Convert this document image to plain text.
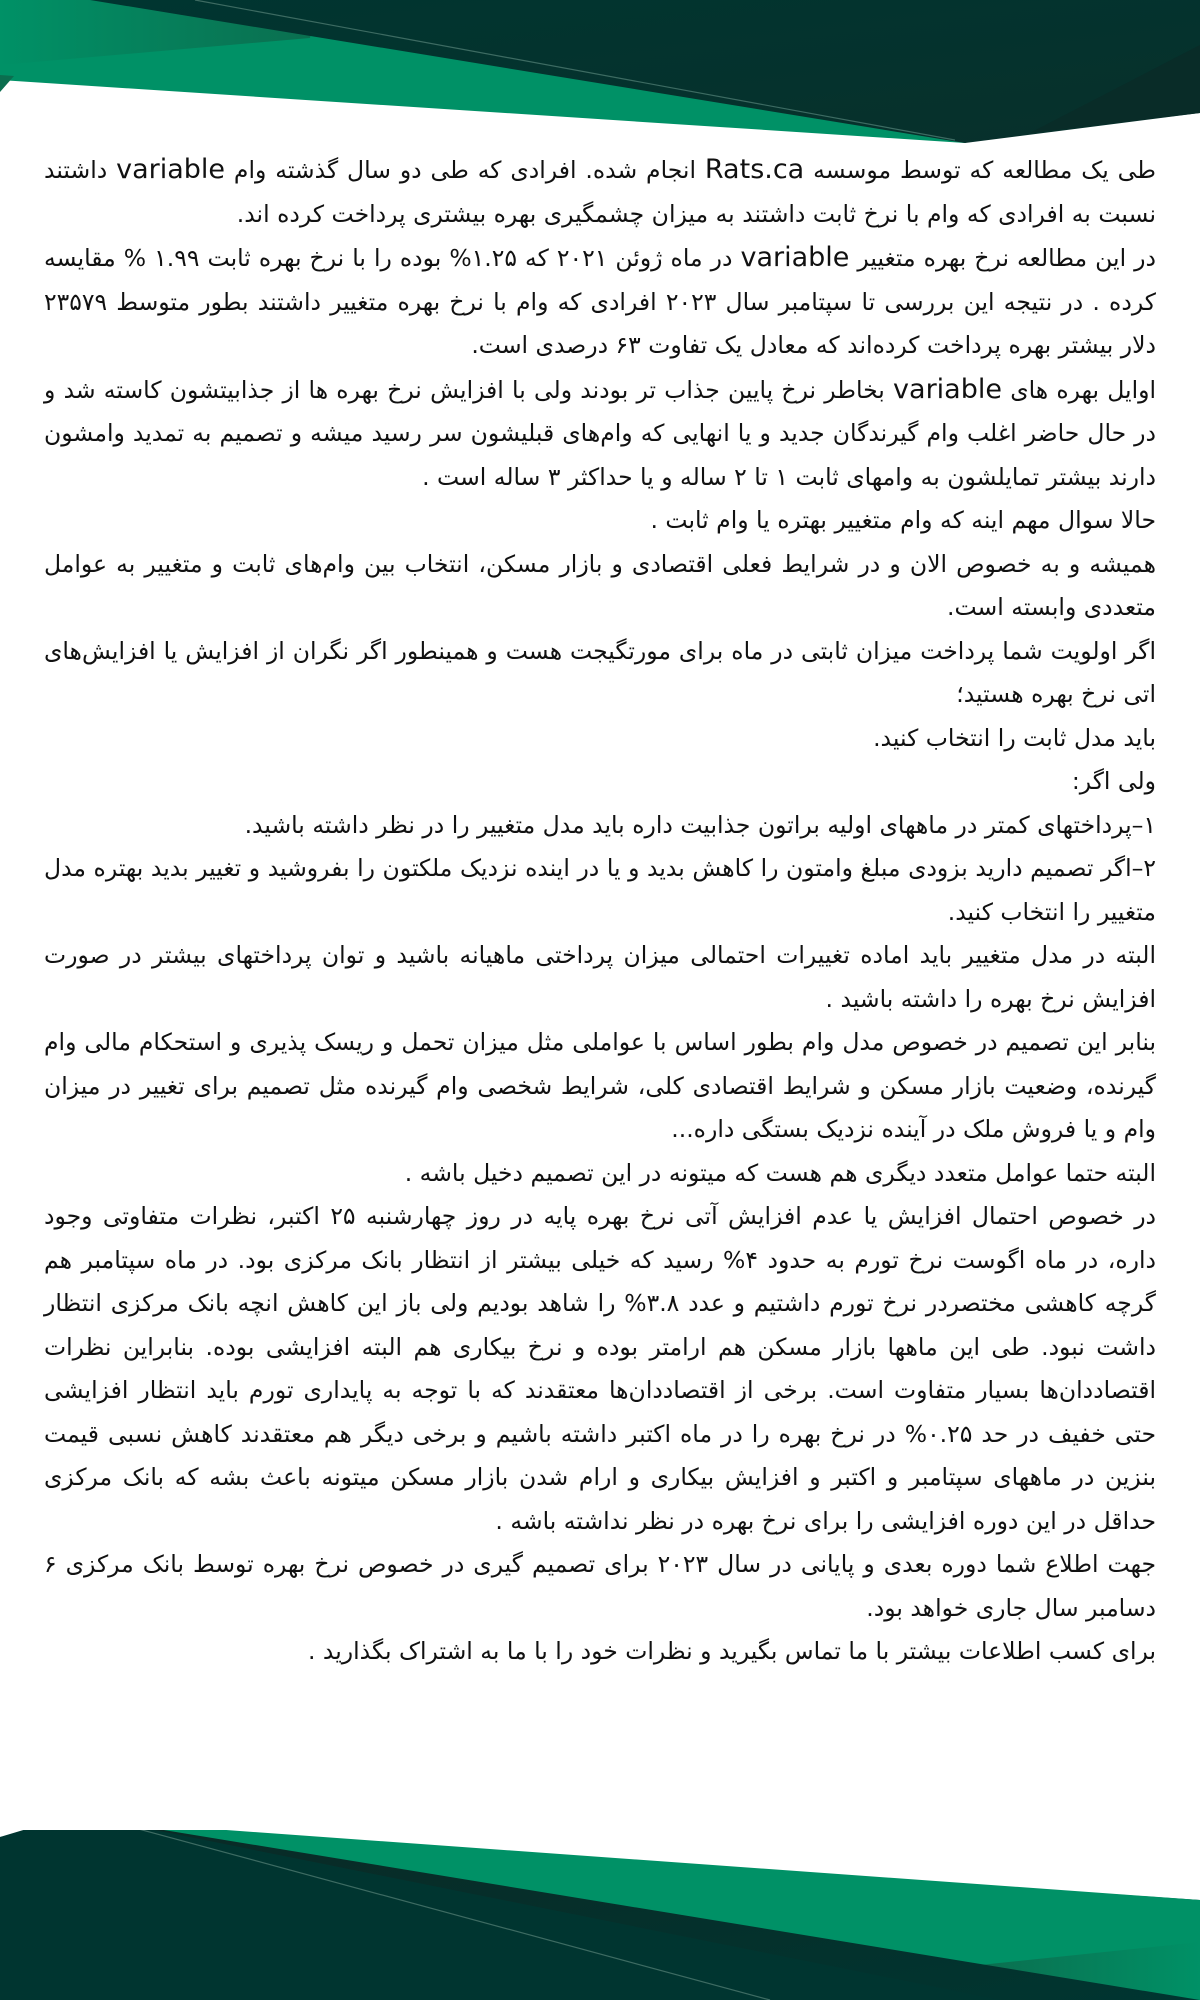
طی یک مطالعه که توسط موسسه Rats.ca انجام شده. افرادی که طی دو سال گذشته وام variable داشتند نسبت به افرادی که وام با نرخ ثابت داشتند به میزان چشمگیری بهره بیشتری پرداخت کرده اند.

در این مطالعه نرخ بهره متغییر variable در ماه ژوئن ۲۰۲۱ که ۱.۲۵% بوده را با نرخ بهره ثابت ۱.۹۹ % مقایسه کرده . در نتیجه این بررسی تا سپتامبر سال ۲۰۲۳ افرادی که وام با نرخ بهره متغییر داشتند بطور متوسط ۲۳۵۷۹ دلار بیشتر بهره پرداخت کرده‌اند که معادل یک تفاوت ۶۳ درصدی است.

اوایل بهره های variable بخاطر نرخ پایین جذاب تر بودند ولی با افزایش نرخ بهره ها از جذابیتشون کاسته شد و در حال حاضر اغلب وام گیرندگان جدید و یا انهایی که وام‌های قبلیشون سر رسید میشه و تصمیم به تمدید وامشون دارند بیشتر تمایلشون به وامهای ثابت ۱ تا ۲ ساله و یا حداکثر ۳ ساله است .

حالا سوال مهم اینه که وام متغییر بهتره یا وام ثابت .

همیشه و به خصوص الان و در شرایط فعلی اقتصادی و بازار مسکن، انتخاب بین وام‌های ثابت و متغییر به عوامل متعددی وابسته است.

اگر اولویت شما پرداخت میزان ثابتی در ماه برای مورتگیجت هست و همینطور اگر نگران از افزایش یا افزایش‌های اتی نرخ بهره هستید؛

باید مدل ثابت را انتخاب کنید.

ولی اگر:

۱–پرداختهای کمتر در ماههای اولیه براتون جذابیت داره باید مدل متغییر را در نظر داشته باشید.

۲–اگر تصمیم دارید بزودی مبلغ وامتون را کاهش بدید و یا در اینده نزدیک ملکتون را بفروشید و تغییر بدید بهتره مدل متغییر را انتخاب کنید.

البته در مدل متغییر باید اماده تغییرات احتمالی میزان پرداختی ماهیانه باشید و توان پرداختهای بیشتر در صورت افزایش نرخ بهره را داشته باشید .

بنابر این تصمیم در خصوص مدل وام بطور اساس با عواملی مثل میزان تحمل و ریسک پذیری و استحکام مالی وام گیرنده، وضعیت بازار مسکن و شرایط اقتصادی کلی، شرایط شخصی وام گیرنده مثل تصمیم برای تغییر در میزان وام و یا فروش ملک در آینده نزدیک بستگی داره...

البته حتما عوامل متعدد دیگری هم هست که میتونه در این تصمیم دخیل باشه .

در خصوص احتمال افزایش یا عدم افزایش آتی نرخ بهره پایه در روز چهارشنبه ۲۵ اکتبر، نظرات متفاوتی وجود داره، در ماه اگوست نرخ تورم به حدود ۴% رسید که خیلی بیشتر از انتظار بانک مرکزی بود. در ماه سپتامبر هم گرچه کاهشی مختصردر نرخ تورم داشتیم و عدد ۳.۸% را شاهد بودیم ولی باز این کاهش انچه بانک مرکزی انتظار داشت نبود. طی این ماهها بازار مسکن هم ارامتر بوده و نرخ بیکاری هم البته افزایشی بوده. بنابراین نظرات اقتصاددان‌ها بسیار متفاوت است. برخی از اقتصاددان‌ها معتقدند که با توجه به پایداری تورم باید انتظار افزایشی حتی خفیف در حد ۰.۲۵% در نرخ بهره را در ماه اکتبر داشته باشیم و برخی دیگر هم معتقدند کاهش نسبی قیمت بنزین در ماههای سپتامبر و اکتبر و افزایش بیکاری و ارام شدن بازار مسکن میتونه باعث بشه که بانک مرکزی حداقل در این دوره افزایشی را برای نرخ بهره در نظر نداشته باشه .

جهت اطلاع شما دوره بعدی و پایانی در سال ۲۰۲۳ برای تصمیم گیری در خصوص نرخ بهره توسط بانک مرکزی ۶ دسامبر سال جاری خواهد بود.

برای کسب اطلاعات بیشتر با ما تماس بگیرید و نظرات خود را با ما به اشتراک بگذارید .
